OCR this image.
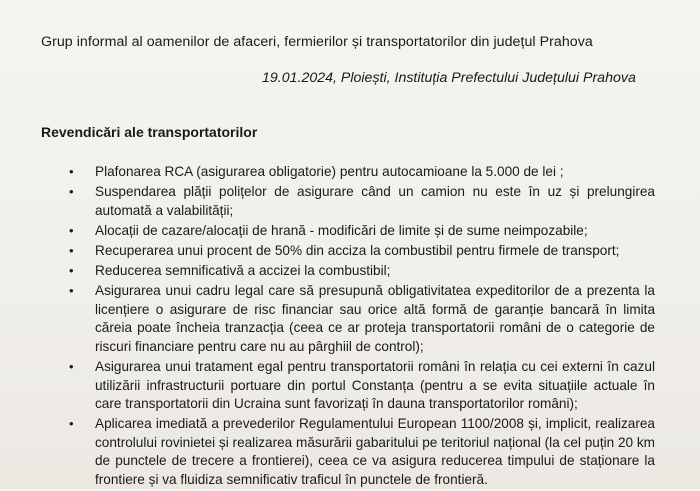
Grup informal al oamenilor de afaceri, fermierilor și transportatorilor din județul Prahova
19.01.2024, Ploiești, Instituția Prefectului Județului Prahova
Revendicări ale transportatorilor
• Plafonarea RCA (asigurarea obligatorie) pentru autocamioane la 5.000 de lei ;
• Suspendarea plății polițelor de asigurare când un camion nu este în uz și prelungirea automată a valabilității;
• Alocații de cazare/alocații de hrană - modificări de limite și de sume neimpozabile;
• Recuperarea unui procent de 50% din acciza la combustibil pentru firmele de transport;
• Reducerea semnificativă a accizei la combustibil;
• Asigurarea unui cadru legal care să presupună obligativitatea expeditorilor de a prezenta la licențiere o asigurare de risc financiar sau orice altă formă de garanție bancară în limita căreia poate încheia tranzacția (ceea ce ar proteja transportatorii români de o categorie de riscuri financiare pentru care nu au pârghiil de control);
• Asigurarea unui tratament egal pentru transportatorii români în relația cu cei externi în cazul utilizării infrastructurii portuare din portul Constanța (pentru a se evita situațiile actuale în care transportatorii din Ucraina sunt favorizați în dauna transportatorilor români);
• Aplicarea imediată a prevederilor Regulamentului European 1100/2008 și, implicit, realizarea controlului rovinietei și realizarea măsurării gabaritului pe teritoriul național (la cel puțin 20 km de punctele de trecere a frontierei), ceea ce va asigura reducerea timpului de staționare la frontiere și va fluidiza semnificativ traficul în punctele de frontieră.
